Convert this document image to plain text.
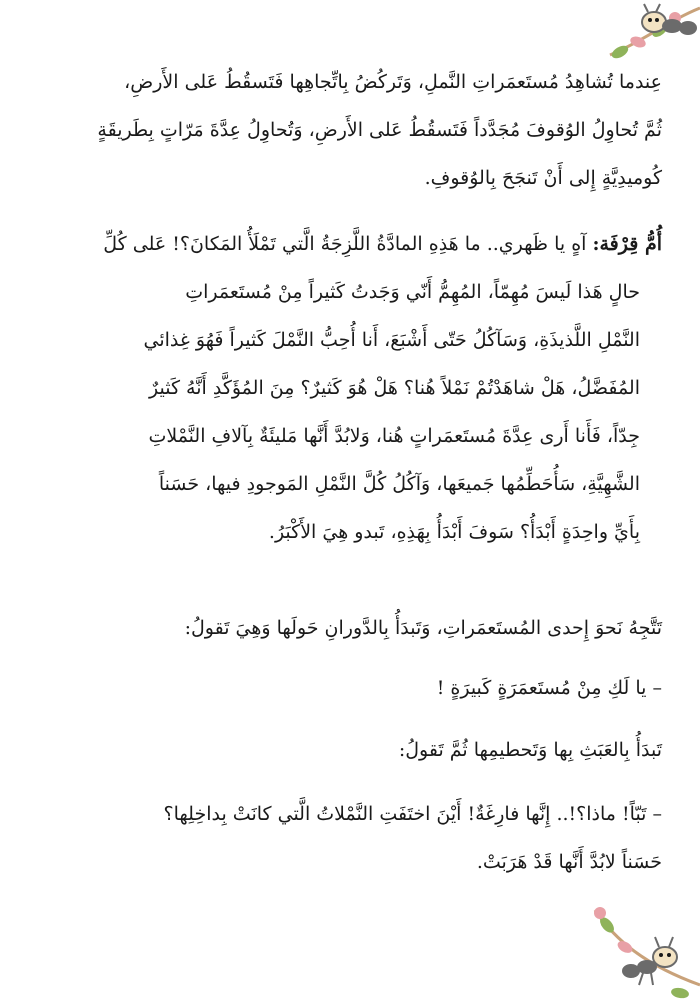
عِندما تُشاهِدُ مُستَعمَراتِ النَّملِ، وَتَركُضُ بِاتِّجاهِها فَتَسقُطُ عَلى الأَرضِ،
ثُمَّ تُحاوِلُ الوُقوفَ مُجَدَّداً فَتَسقُطُ عَلى الأَرضِ، وَتُحاوِلُ عِدَّةَ مَرّاتٍ بِطَريقَةٍ
كُوميدِيَّةٍ إِلى أَنْ تَنجَحَ بِالوُقوفِ.
أُمُّ قِرْفَة: آهٍ يا ظَهري.. ما هَذِهِ المادَّةُ اللَّزِجَةُ الَّتي تَمْلَأُ المَكانَ؟! عَلى كُلِّ
حالٍ هَذا لَيسَ مُهِمّاً، المُهِمُّ أَنّي وَجَدتُ كَثيراً مِنْ مُستَعمَراتِ
النَّمْلِ اللَّذيذَةِ، وَسَآكُلُ حَتّى أَشْبَعَ، أَنا أُحِبُّ النَّمْلَ كَثيراً فَهُوَ غِذائي
المُفَضَّلُ، هَلْ شاهَدْتُمْ نَمْلاً هُنا؟ هَلْ هُوَ كَثيرٌ؟ مِنَ المُؤَكَّدِ أَنَّهُ كَثيرٌ
جِدّاً، فَأَنا أَرى عِدَّةَ مُستَعمَراتٍ هُنا، وَلابُدَّ أَنَّها مَليئَةٌ بِآلافِ النَّمْلاتِ
الشَّهِيَّةِ، سَأُحَطِّمُها جَميعَها، وَآكُلُ كُلَّ النَّمْلِ المَوجودِ فيها، حَسَناً
بِأَيِّ واحِدَةٍ أَبْدَأُ؟ سَوفَ أَبْدَأُ بِهَذِهِ، تَبدو هِيَ الأَكْبَرُ.
تَتَّجِهُ نَحوَ إِحدى المُستَعمَراتِ، وَتَبدَأُ بِالدَّورانِ حَولَها وَهِيَ تَقولُ:
– يا لَكِ مِنْ مُستَعمَرَةٍ كَبيرَةٍ !
تَبدَأُ بِالعَبَثِ بِها وَتَحطيمِها ثُمَّ تَقولُ:
– تَبّاً! ماذا؟!.. إِنَّها فارِغَةٌ! أَيْنَ اختَفَتِ النَّمْلاتُ الَّتي كانَتْ بِداخِلِها؟
حَسَناً لابُدَّ أَنَّها قَدْ هَرَبَتْ.
